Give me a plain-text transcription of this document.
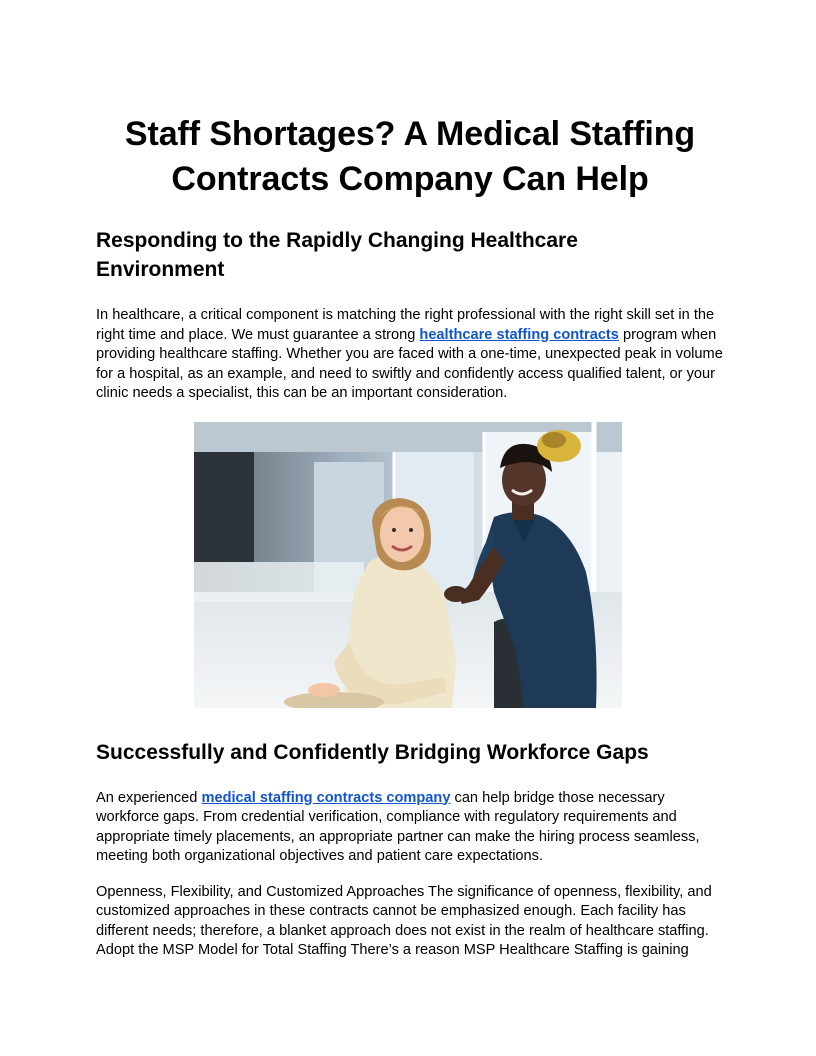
Staff Shortages? A Medical Staffing Contracts Company Can Help
Responding to the Rapidly Changing Healthcare Environment

In healthcare, a critical component is matching the right professional with the right skill set in the right time and place. We must guarantee a strong healthcare staffing contracts program when providing healthcare staffing. Whether you are faced with a one-time, unexpected peak in volume for a hospital, as an example, and need to swiftly and confidently access qualified talent, or your clinic needs a specialist, this can be an important consideration.

Successfully and Confidently Bridging Workforce Gaps

An experienced medical staffing contracts company can help bridge those necessary workforce gaps. From credential verification, compliance with regulatory requirements and appropriate timely placements, an appropriate partner can make the hiring process seamless, meeting both organizational objectives and patient care expectations.

Openness, Flexibility, and Customized Approaches The significance of openness, flexibility, and customized approaches in these contracts cannot be emphasized enough. Each facility has different needs; therefore, a blanket approach does not exist in the realm of healthcare staffing. Adopt the MSP Model for Total Staffing There’s a reason MSP Healthcare Staffing is gaining
